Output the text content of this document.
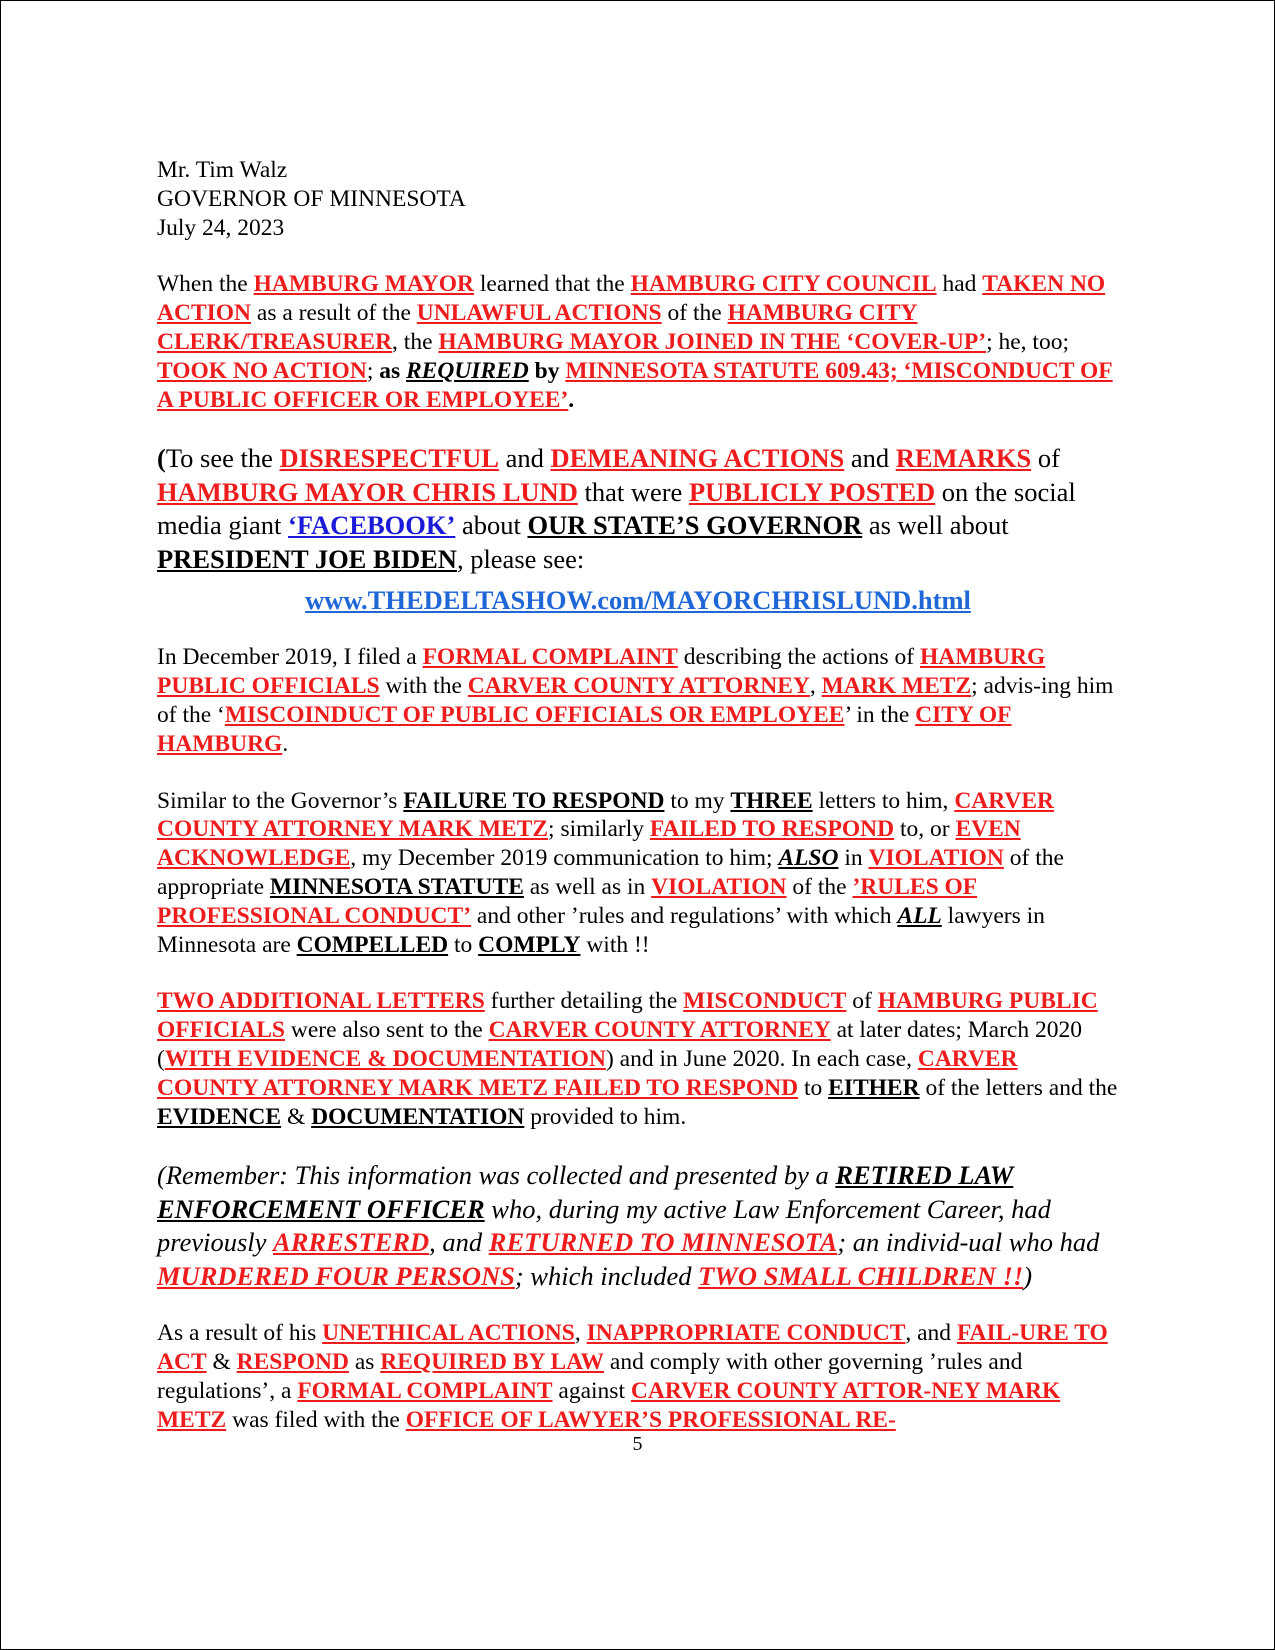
Mr. Tim Walz
GOVERNOR OF MINNESOTA
July 24, 2023

When the HAMBURG MAYOR learned that the HAMBURG CITY COUNCIL had TAKEN NO ACTION as a result of the UNLAWFUL ACTIONS of the HAMBURG CITY CLERK/TREASURER, the HAMBURG MAYOR JOINED IN THE ‘COVER-UP’; he, too; TOOK NO ACTION; as REQUIRED by MINNESOTA STATUTE 609.43; ‘MISCONDUCT OF A PUBLIC OFFICER OR EMPLOYEE’.

(To see the DISRESPECTFUL and DEMEANING ACTIONS and REMARKS of HAMBURG MAYOR CHRIS LUND that were PUBLICLY POSTED on the social media giant ‘FACEBOOK’ about OUR STATE’S GOVERNOR as well about PRESIDENT JOE BIDEN, please see:

www.THEDELTASHOW.com/MAYORCHRISLUND.html

In December 2019, I filed a FORMAL COMPLAINT describing the actions of HAMBURG PUBLIC OFFICIALS with the CARVER COUNTY ATTORNEY, MARK METZ; advis-ing him of the ‘MISCOINDUCT OF PUBLIC OFFICIALS OR EMPLOYEE’ in the CITY OF HAMBURG.

Similar to the Governor’s FAILURE TO RESPOND to my THREE letters to him, CARVER COUNTY ATTORNEY MARK METZ; similarly FAILED TO RESPOND to, or EVEN ACKNOWLEDGE, my December 2019 communication to him; ALSO in VIOLATION of the appropriate MINNESOTA STATUTE as well as in VIOLATION of the ’RULES OF PROFESSIONAL CONDUCT’ and other ’rules and regulations’ with which ALL lawyers in Minnesota are COMPELLED to COMPLY with !!

TWO ADDITIONAL LETTERS further detailing the MISCONDUCT of HAMBURG PUBLIC OFFICIALS were also sent to the CARVER COUNTY ATTORNEY at later dates; March 2020 (WITH EVIDENCE & DOCUMENTATION) and in June 2020. In each case, CARVER COUNTY ATTORNEY MARK METZ FAILED TO RESPOND to EITHER of the letters and the EVIDENCE & DOCUMENTATION provided to him.

(Remember: This information was collected and presented by a RETIRED LAW ENFORCEMENT OFFICER who, during my active Law Enforcement Career, had previously ARRESTERD, and RETURNED TO MINNESOTA; an individ-ual who had MURDERED FOUR PERSONS; which included TWO SMALL CHILDREN !!)

As a result of his UNETHICAL ACTIONS, INAPPROPRIATE CONDUCT, and FAIL-URE TO ACT & RESPOND as REQUIRED BY LAW and comply with other governing ’rules and regulations’, a FORMAL COMPLAINT against CARVER COUNTY ATTOR-NEY MARK METZ was filed with the OFFICE OF LAWYER’S PROFESSIONAL RE-

5
